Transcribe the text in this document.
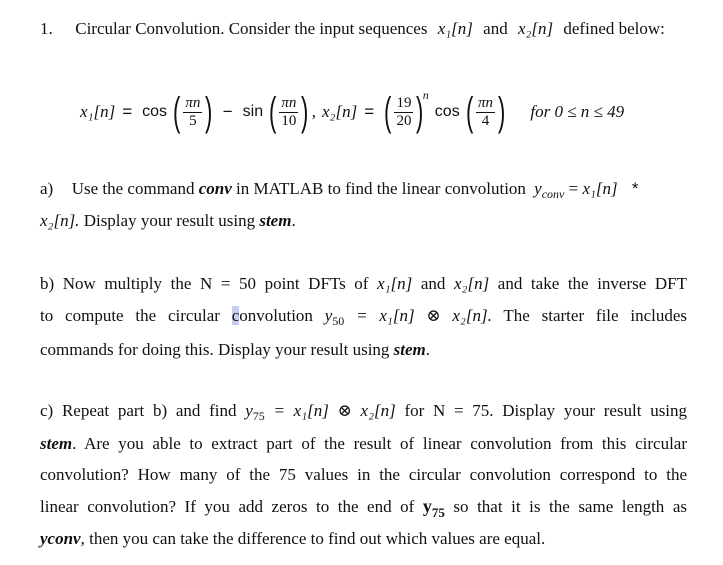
1. Circular Convolution. Consider the input sequences x₁[n] and x₂[n] defined below:
x₁[n] = cos ( $\frac{\pi n}{5}$ ) − sin ( $\frac{\pi n}{10}$ ) , x₂[n] = ( $\frac{19}{20}$ )
n
cos ( $\frac{\pi n}{4}$ ) for 0 ≤ n ≤ 49
a) Use the command conv in MATLAB to find the linear convolution $y_{conv} = x_1[n]$ *
x₂[n]. Display your result using stem.
b) Now multiply the N = 50 point DFTs of x₁[n] and x₂[n] and take the inverse DFT
to compute the circular convolution $y_{50} = x_1[n]$ ⊗ x₂[n]. The starter file includes
commands for doing this. Display your result using stem.
c) Repeat part b) and find $y_{75} = x_1[n]$ ⊗ x₂[n] for N = 75. Display your result using
stem. Are you able to extract part of the result of linear convolution from this circular
convolution? How many of the 75 values in the circular convolution correspond to the
linear convolution? If you add zeros to the end of $y_{75}$ so that it is the same length as
yconv, then you can take the difference to find out which values are equal.
